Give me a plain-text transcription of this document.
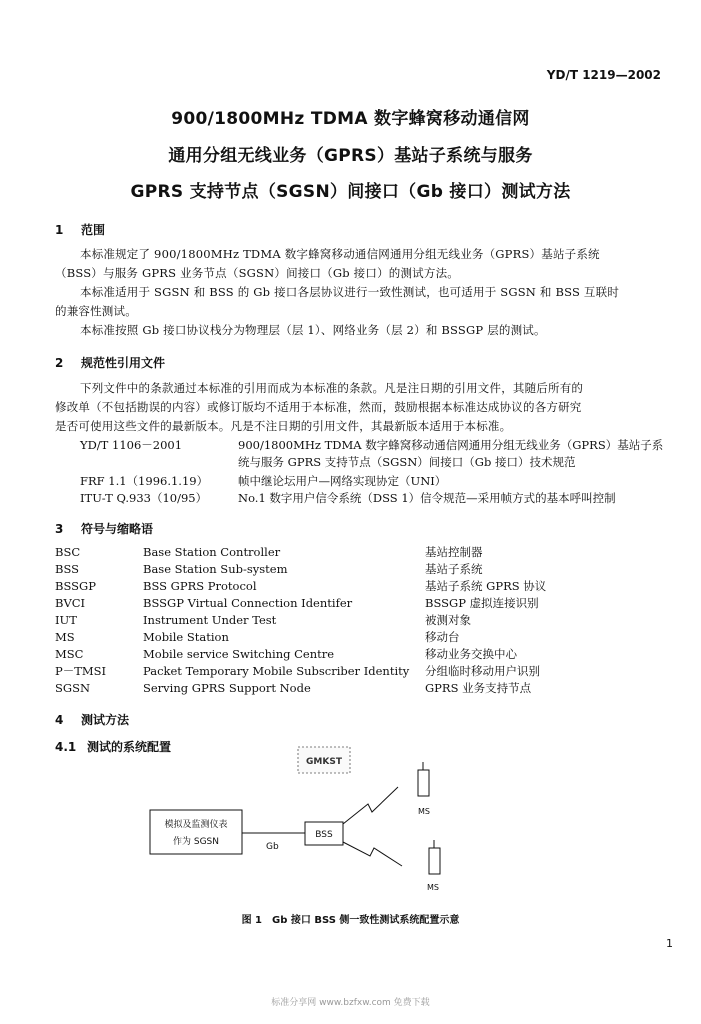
YD/T 1219—2002
900/1800MHz TDMA 数字蜂窝移动通信网
通用分组无线业务（GPRS）基站子系统与服务
GPRS 支持节点（SGSN）间接口（Gb 接口）测试方法
1 范围
本标准规定了 900/1800MHz TDMA 数字蜂窝移动通信网通用分组无线业务（GPRS）基站子系统
（BSS）与服务 GPRS 业务节点（SGSN）间接口（Gb 接口）的测试方法。
本标准适用于 SGSN 和 BSS 的 Gb 接口各层协议进行一致性测试，也可适用于 SGSN 和 BSS 互联时
的兼容性测试。
本标准按照 Gb 接口协议栈分为物理层（层 1）、网络业务（层 2）和 BSSGP 层的测试。
2 规范性引用文件
下列文件中的条款通过本标准的引用而成为本标准的条款。凡是注日期的引用文件，其随后所有的
修改单（不包括勘误的内容）或修订版均不适用于本标准，然而，鼓励根据本标准达成协议的各方研究
是否可使用这些文件的最新版本。凡是不注日期的引用文件，其最新版本适用于本标准。
YD/T 1106－2001	900/1800MHz TDMA 数字蜂窝移动通信网通用分组无线业务（GPRS）基站子系统与服务 GPRS 支持节点（SGSN）间接口（Gb 接口）技术规范
FRF 1.1（1996.1.19）	帧中继论坛用户—网络实现协定（UNI）
ITU-T Q.933（10/95）	No.1 数字用户信令系统（DSS 1）信令规范—采用帧方式的基本呼叫控制
3 符号与缩略语
BSC	Base Station Controller	基站控制器
BSS	Base Station Sub-system	基站子系统
BSSGP	BSS GPRS Protocol	基站子系统 GPRS 协议
BVCI	BSSGP Virtual Connection Identifer	BSSGP 虚拟连接识别
IUT	Instrument Under Test	被测对象
MS	Mobile Station	移动台
MSC	Mobile service Switching Centre	移动业务交换中心
P－TMSI	Packet Temporary Mobile Subscriber Identity 分组临时移动用户识别
SGSN	Serving GPRS Support Node	GPRS 业务支持节点
4 测试方法
4.1 测试的系统配置
GMKST
模拟及监测仪表
作为 SGSN	Gb
BSS
MS
MS
图 1　Gb 接口 BSS 侧一致性测试系统配置示意
1
标准分享网 www.bzfxw.com 免费下载
